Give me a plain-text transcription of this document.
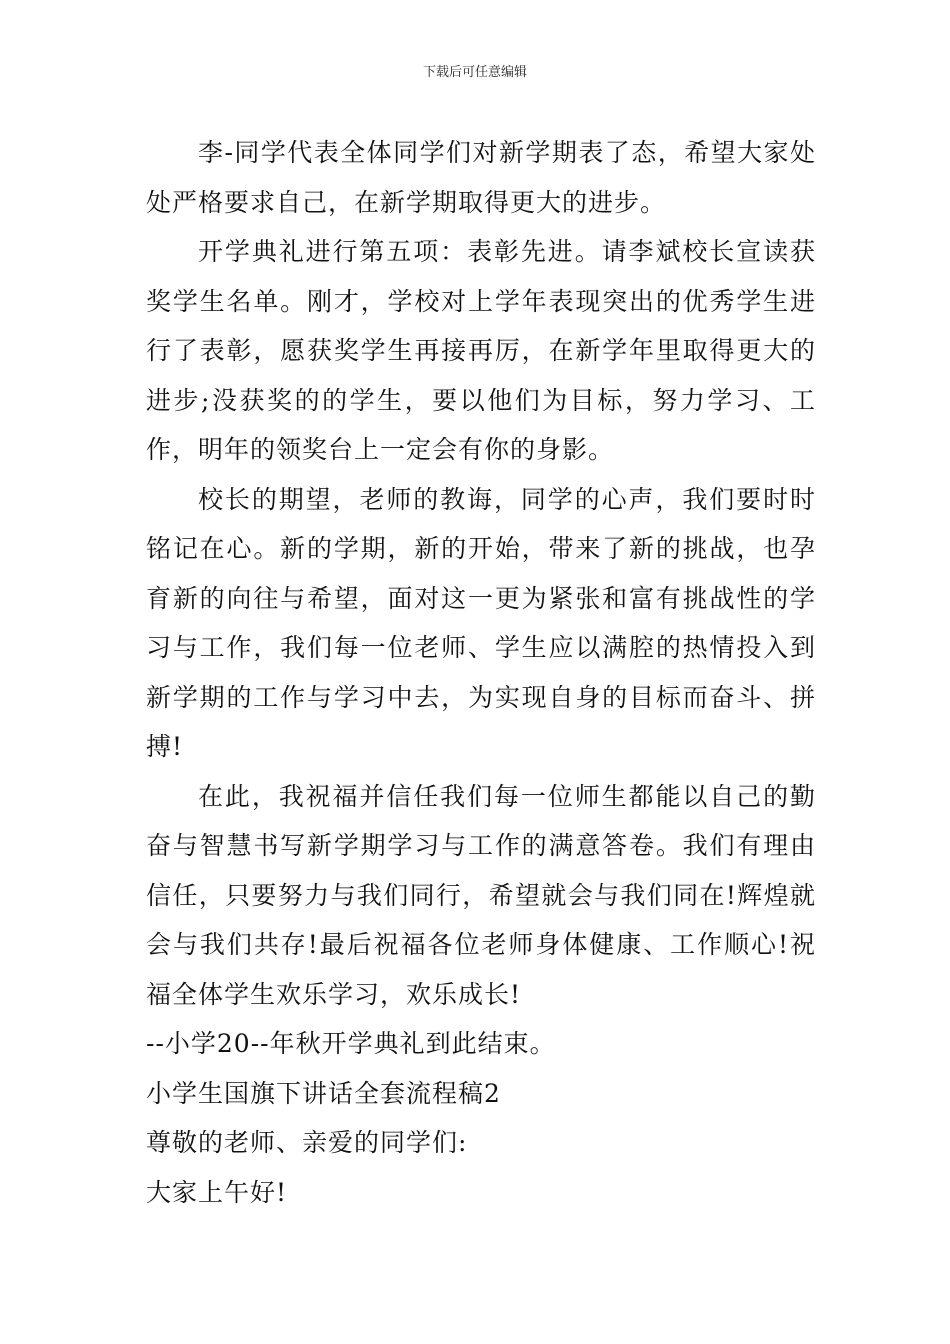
下载后可任意编辑

李-同学代表全体同学们对新学期表了态，希望大家处处严格要求自己，在新学期取得更大的进步。

开学典礼进行第五项：表彰先进。请李斌校长宣读获奖学生名单。刚才，学校对上学年表现突出的优秀学生进行了表彰，愿获奖学生再接再厉，在新学年里取得更大的进步;没获奖的的学生，要以他们为目标，努力学习、工作，明年的领奖台上一定会有你的身影。

校长的期望，老师的教诲，同学的心声，我们要时时铭记在心。新的学期，新的开始，带来了新的挑战，也孕育新的向往与希望，面对这一更为紧张和富有挑战性的学习与工作，我们每一位老师、学生应以满腔的热情投入到新学期的工作与学习中去，为实现自身的目标而奋斗、拼搏!

在此，我祝福并信任我们每一位师生都能以自己的勤奋与智慧书写新学期学习与工作的满意答卷。我们有理由信任，只要努力与我们同行，希望就会与我们同在!辉煌就会与我们共存!最后祝福各位老师身体健康、工作顺心!祝福全体学生欢乐学习，欢乐成长!

--小学20--年秋开学典礼到此结束。

小学生国旗下讲话全套流程稿2

尊敬的老师、亲爱的同学们:

大家上午好!
